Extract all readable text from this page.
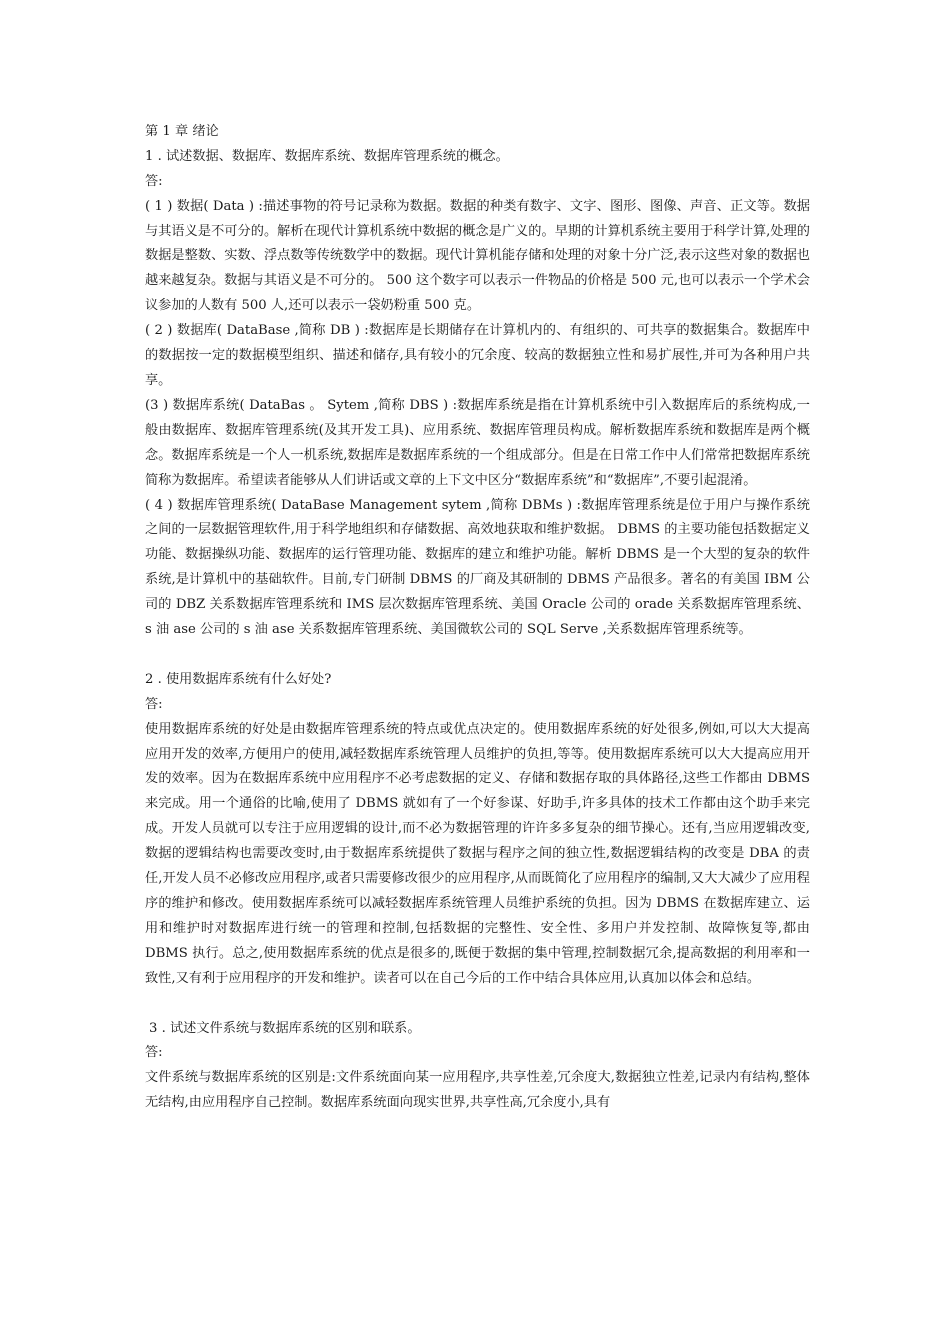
第 1 章 绪论
1 . 试述数据、数据库、数据库系统、数据库管理系统的概念。
答:
( 1 ) 数据( Data ) :描述事物的符号记录称为数据。数据的种类有数字、文字、图形、图像、声音、正文等。数据与其语义是不可分的。解析在现代计算机系统中数据的概念是广义的。早期的计算机系统主要用于科学计算,处理的数据是整数、实数、浮点数等传统数学中的数据。现代计算机能存储和处理的对象十分广泛,表示这些对象的数据也越来越复杂。数据与其语义是不可分的。 500 这个数字可以表示一件物品的价格是 500 元,也可以表示一个学术会议参加的人数有 500 人,还可以表示一袋奶粉重 500 克。
( 2 ) 数据库( DataBase ,简称 DB ) :数据库是长期储存在计算机内的、有组织的、可共享的数据集合。数据库中的数据按一定的数据模型组织、描述和储存,具有较小的冗余度、较高的数据独立性和易扩展性,并可为各种用户共享。
(3 ) 数据库系统( DataBas 。 Sytem ,简称 DBS ) :数据库系统是指在计算机系统中引入数据库后的系统构成,一般由数据库、数据库管理系统(及其开发工具)、应用系统、数据库管理员构成。解析数据库系统和数据库是两个概念。数据库系统是一个人一机系统,数据库是数据库系统的一个组成部分。但是在日常工作中人们常常把数据库系统简称为数据库。希望读者能够从人们讲话或文章的上下文中区分“数据库系统”和“数据库”,不要引起混淆。
( 4 ) 数据库管理系统( DataBase Management sytem ,简称 DBMs ) :数据库管理系统是位于用户与操作系统之间的一层数据管理软件,用于科学地组织和存储数据、高效地获取和维护数据。 DBMS 的主要功能包括数据定义功能、数据操纵功能、数据库的运行管理功能、数据库的建立和维护功能。解析 DBMS 是一个大型的复杂的软件系统,是计算机中的基础软件。目前,专门研制 DBMS 的厂商及其研制的 DBMS 产品很多。著名的有美国 IBM 公司的 DBZ 关系数据库管理系统和 IMS 层次数据库管理系统、美国 Oracle 公司的 orade 关系数据库管理系统、 s 油 ase 公司的 s 油 ase 关系数据库管理系统、美国微软公司的 SQL Serve ,关系数据库管理系统等。
2 . 使用数据库系统有什么好处?
答:
使用数据库系统的好处是由数据库管理系统的特点或优点决定的。使用数据库系统的好处很多,例如,可以大大提高应用开发的效率,方便用户的使用,减轻数据库系统管理人员维护的负担,等等。使用数据库系统可以大大提高应用开发的效率。因为在数据库系统中应用程序不必考虑数据的定义、存储和数据存取的具体路径,这些工作都由 DBMS 来完成。用一个通俗的比喻,使用了 DBMS 就如有了一个好参谋、好助手,许多具体的技术工作都由这个助手来完成。开发人员就可以专注于应用逻辑的设计,而不必为数据管理的许许多多复杂的细节操心。还有,当应用逻辑改变,数据的逻辑结构也需要改变时,由于数据库系统提供了数据与程序之间的独立性,数据逻辑结构的改变是 DBA 的责任,开发人员不必修改应用程序,或者只需要修改很少的应用程序,从而既简化了应用程序的编制,又大大减少了应用程序的维护和修改。使用数据库系统可以减轻数据库系统管理人员维护系统的负担。因为 DBMS 在数据库建立、运用和维护时对数据库进行统一的管理和控制,包括数据的完整性、安全性、多用户并发控制、故障恢复等,都由 DBMS 执行。总之,使用数据库系统的优点是很多的,既便于数据的集中管理,控制数据冗余,提高数据的利用率和一致性,又有利于应用程序的开发和维护。读者可以在自己今后的工作中结合具体应用,认真加以体会和总结。
3 . 试述文件系统与数据库系统的区别和联系。
答:
文件系统与数据库系统的区别是:文件系统面向某一应用程序,共享性差,冗余度大,数据独立性差,记录内有结构,整体无结构,由应用程序自己控制。数据库系统面向现实世界,共享性高,冗余度小,具有
